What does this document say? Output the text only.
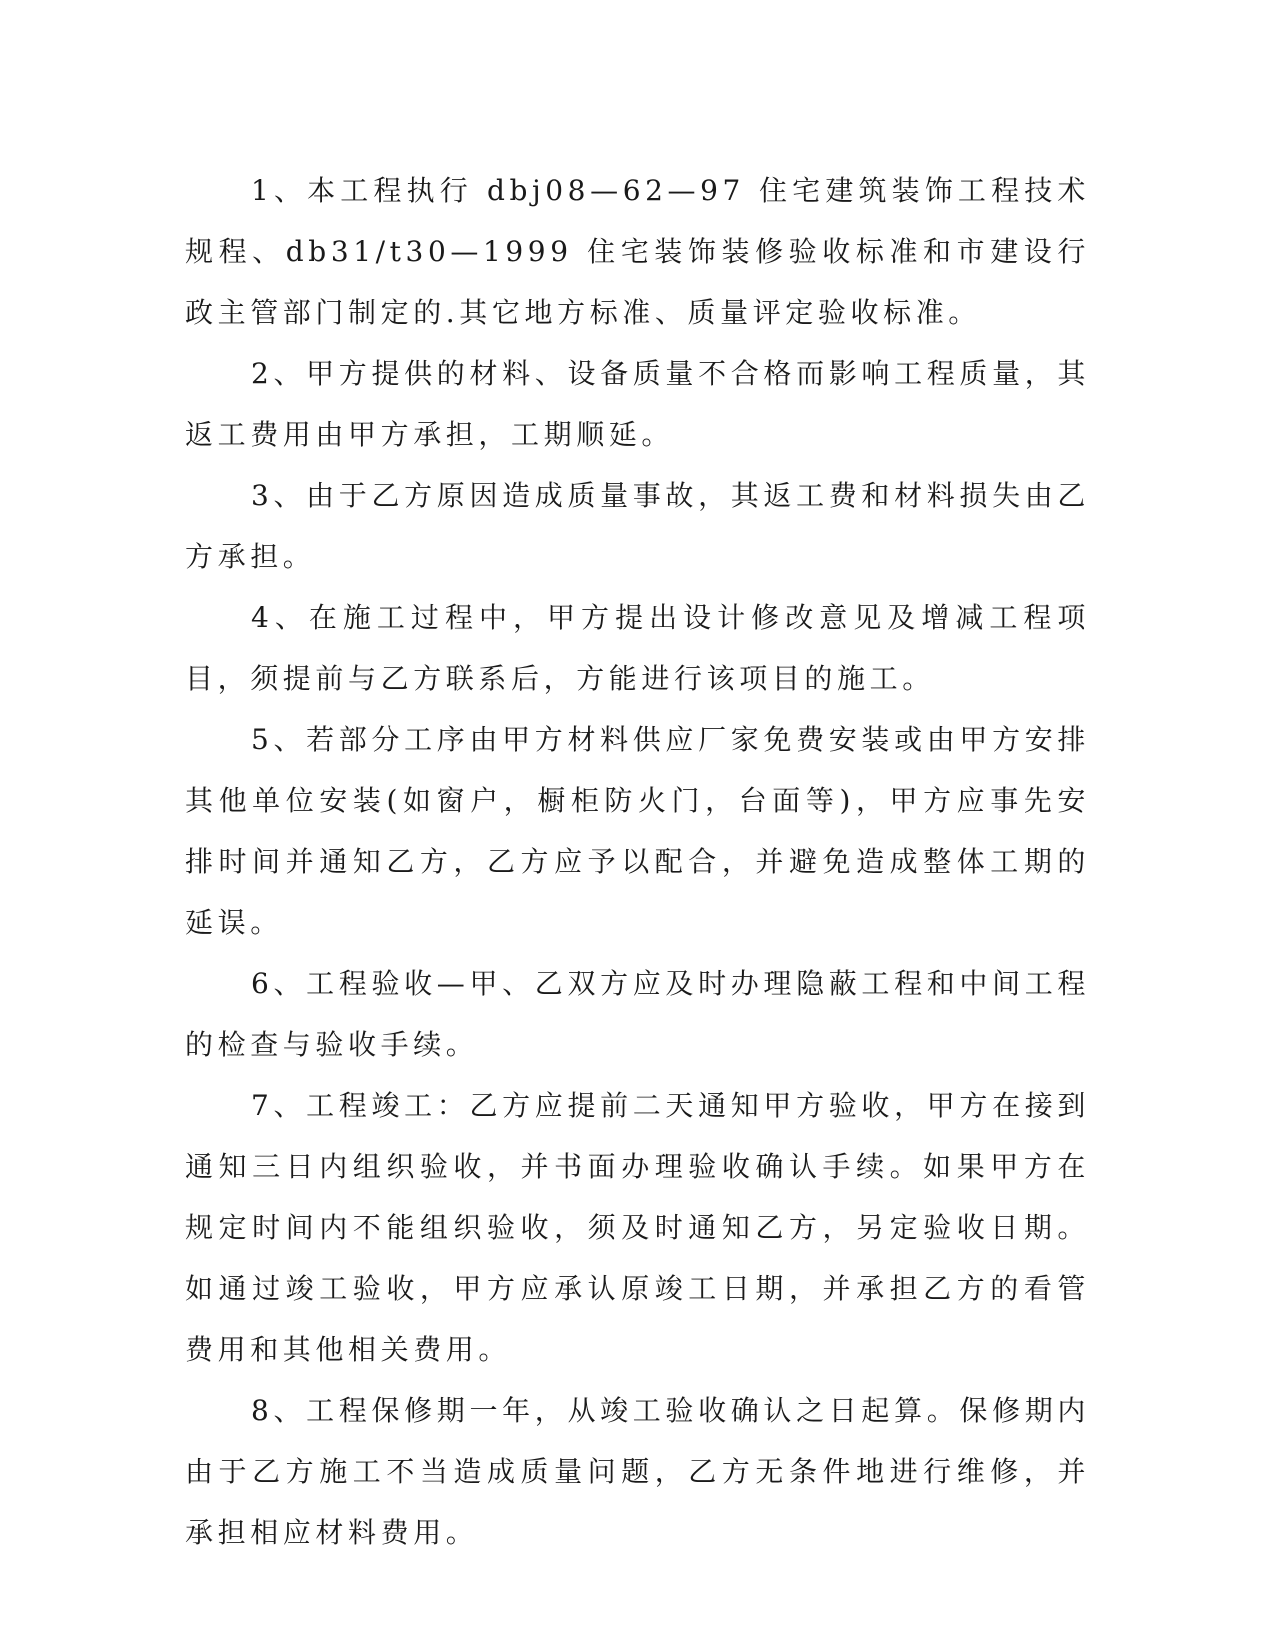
1、本工程执行 dbj08—62—97 住宅建筑装饰工程技术规程、db31/t30—1999 住宅装饰装修验收标准和市建设行政主管部门制定的.其它地方标准、质量评定验收标准。

2、甲方提供的材料、设备质量不合格而影响工程质量，其返工费用由甲方承担，工期顺延。

3、由于乙方原因造成质量事故，其返工费和材料损失由乙方承担。

4、在施工过程中，甲方提出设计修改意见及增减工程项目，须提前与乙方联系后，方能进行该项目的施工。

5、若部分工序由甲方材料供应厂家免费安装或由甲方安排其他单位安装(如窗户，橱柜防火门，台面等)，甲方应事先安排时间并通知乙方，乙方应予以配合，并避免造成整体工期的延误。

6、工程验收—甲、乙双方应及时办理隐蔽工程和中间工程的检查与验收手续。

7、工程竣工：乙方应提前二天通知甲方验收，甲方在接到通知三日内组织验收，并书面办理验收确认手续。如果甲方在规定时间内不能组织验收，须及时通知乙方，另定验收日期。如通过竣工验收，甲方应承认原竣工日期，并承担乙方的看管费用和其他相关费用。

8、工程保修期一年，从竣工验收确认之日起算。保修期内由于乙方施工不当造成质量问题，乙方无条件地进行维修，并承担相应材料费用。
